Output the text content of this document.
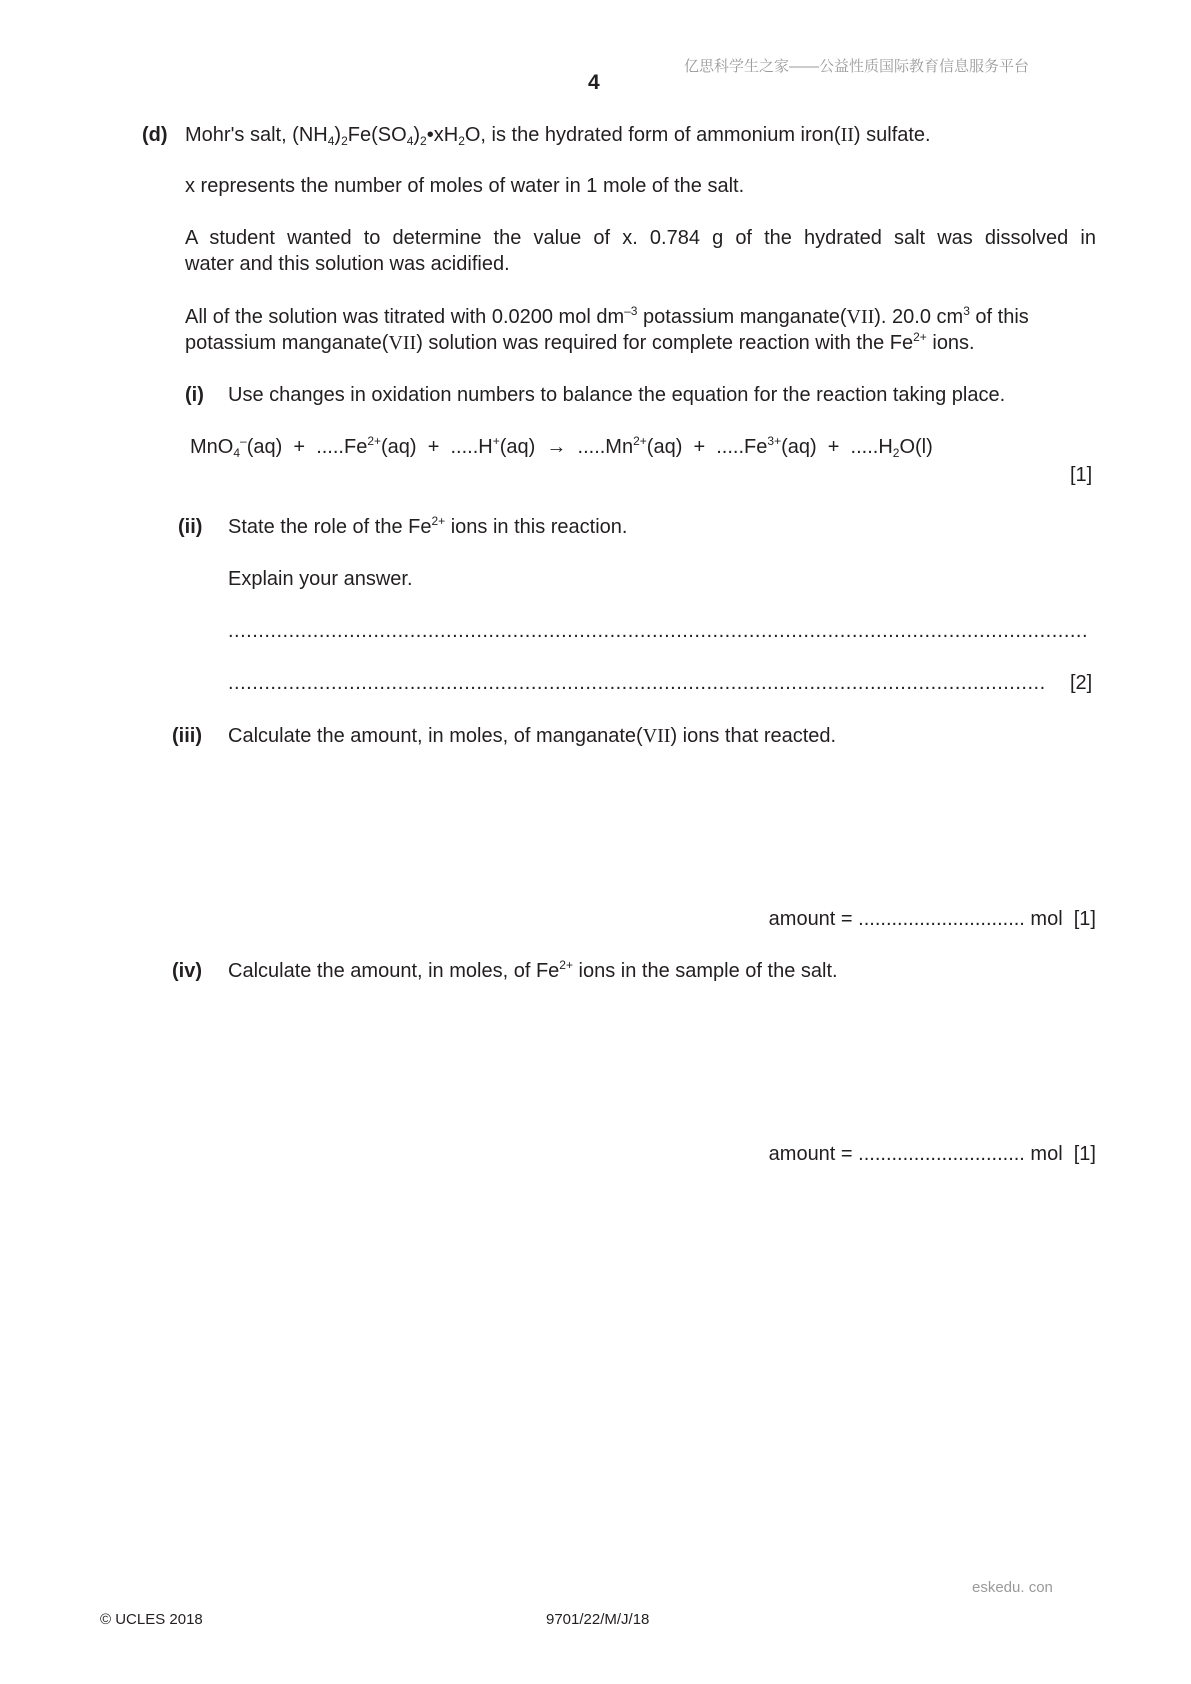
亿思科学生之家——公益性质国际教育信息服务平台
4
(d) Mohr's salt, $(NH_4)_2Fe(SO_4)_2•xH_2O$, is the hydrated form of ammonium iron(II) sulfate.
x represents the number of moles of water in 1 mole of the salt.
A student wanted to determine the value of x. 0.784 g of the hydrated salt was dissolved in
water and this solution was acidified.
All of the solution was titrated with 0.0200 mol $dm^{-3}$ potassium manganate(VII). 20.0 $cm^3$ of this
potassium manganate(VII) solution was required for complete reaction with the $Fe^{2+}$ ions.
(i) Use changes in oxidation numbers to balance the equation for the reaction taking place.
$MnO_4^-(aq) + .....Fe^{2+}(aq) + .....H^+(aq) \to .....Mn^{2+}(aq) + .....Fe^{3+}(aq) + .....H_2O(l)$
[1]
(ii) State the role of the $Fe^{2+}$ ions in this reaction.
Explain your answer.
..............................................................................................................................................
.......................................................................................................................................	[2]
(iii) Calculate the amount, in moles, of manganate(VII) ions that reacted.
amount = .............................. mol  [1]
(iv) Calculate the amount, in moles, of $Fe^{2+}$ ions in the sample of the salt.
amount = .............................. mol  [1]
eskedu. con
© UCLES 2018	9701/22/M/J/18
